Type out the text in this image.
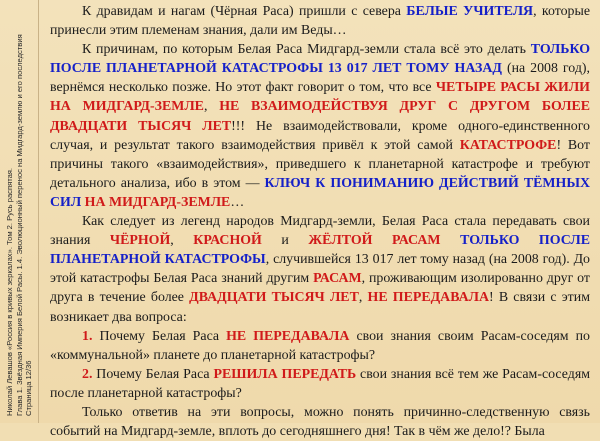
Николай Левашов «Россия в кривых зеркалах». Том 2. Русь распятая. Глава 1. Звёздная Империя Белой Расы. 1.4. Эволюционный перенос на Мидгард-землю и его последствия Страница 12/36

К дравидам и нагам (Чёрная Раса) пришли с севера БЕЛЫЕ УЧИТЕЛЯ, которые принесли этим племенам знания, дали им Веды…

К причинам, по которым Белая Раса Мидгард-земли стала всё это делать ТОЛЬКО ПОСЛЕ ПЛАНЕТАРНОЙ КАТАСТРОФЫ 13 017 ЛЕТ ТОМУ НАЗАД (на 2008 год), вернёмся несколько позже. Но этот факт говорит о том, что все ЧЕТЫРЕ РАСЫ ЖИЛИ НА МИДГАРД-ЗЕМЛЕ, НЕ ВЗАИМОДЕЙСТВУЯ ДРУГ С ДРУГОМ БОЛЕЕ ДВАДЦАТИ ТЫСЯЧ ЛЕТ!!! Не взаимодействовали, кроме одного-единственного случая, и результат такого взаимодействия привёл к этой самой КАТАСТРОФЕ! Вот причины такого «взаимодействия», приведшего к планетарной катастрофе и требуют детального анализа, ибо в этом — КЛЮЧ К ПОНИМАНИЮ ДЕЙСТВИЙ ТЁМНЫХ СИЛ НА МИДГАРД-ЗЕМЛЕ…

Как следует из легенд народов Мидгард-земли, Белая Раса стала передавать свои знания ЧЁРНОЙ, КРАСНОЙ и ЖЁЛТОЙ РАСАМ ТОЛЬКО ПОСЛЕ ПЛАНЕТАРНОЙ КАТАСТРОФЫ, случившейся 13 017 лет тому назад (на 2008 год). До этой катастрофы Белая Раса знаний другим РАСАМ, проживающим изолированно друг от друга в течение более ДВАДЦАТИ ТЫСЯЧ ЛЕТ, НЕ ПЕРЕДАВАЛА! В связи с этим возникает два вопроса:

1. Почему Белая Раса НЕ ПЕРЕДАВАЛА свои знания своим Расам-соседям по «коммунальной» планете до планетарной катастрофы?

2. Почему Белая Раса РЕШИЛА ПЕРЕДАТЬ свои знания всё тем же Расам-соседям после планетарной катастрофы?

Только ответив на эти вопросы, можно понять причинно-следственную связь событий на Мидгард-земле, вплоть до сегодняшнего дня! Так в чём же дело!? Была
